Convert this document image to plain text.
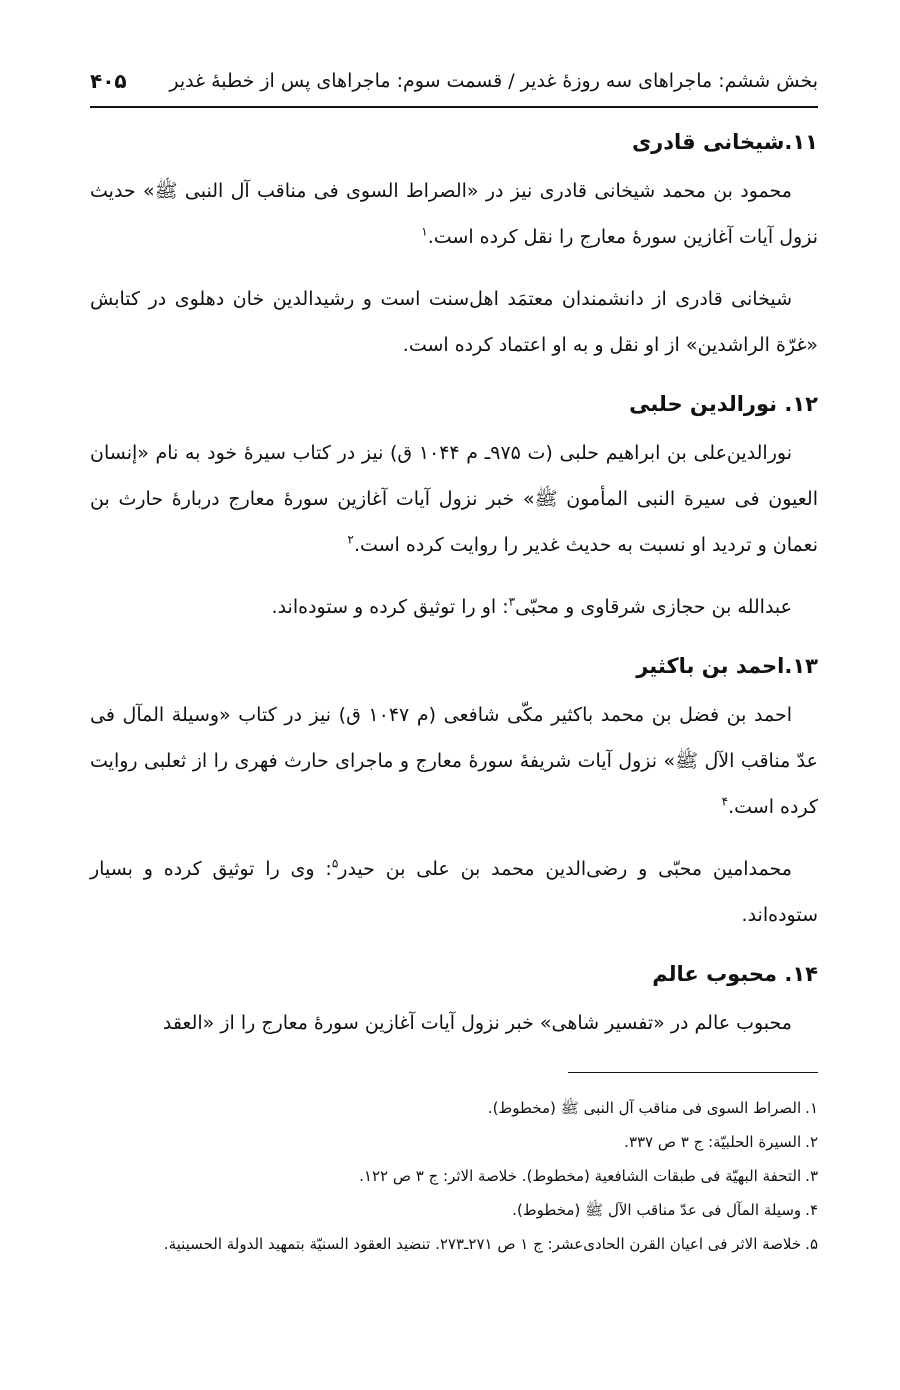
بخش ششم: ماجراهای سه روزهٔ غدیر / قسمت سوم: ماجراهای پس از خطبهٔ غدیر
۴۰۵
۱۱.شیخانی قادری

محمود بن محمد شیخانی قادری نیز در «الصراط السوی فی مناقب آل النبی ﷺ» حدیث نزول آیات آغازین سورهٔ معارج را نقل کرده است.$^۱$

شیخانی قادری از دانشمندان معتمَد اهل‌سنت است و رشیدالدین خان دهلوی در کتابش «غرّة الراشدین» از او نقل و به او اعتماد کرده است.

۱۲. نورالدین حلبی

نورالدین‌علی بن ابراهیم حلبی (ت ۹۷۵ـ م ۱۰۴۴ ق) نیز در کتاب سیرهٔ خود به نام «إنسان العیون فی سیرة النبی المأمون ﷺ» خبر نزول آیات آغازین سورهٔ معارج دربارهٔ حارث بن نعمان و تردید او نسبت به حدیث غدیر را روایت کرده است.$^۲$

عبدالله بن حجازی شرقاوی و محبّی$^۳$: او را توثیق کرده و ستوده‌اند.

۱۳.احمد بن باکثیر

احمد بن فضل بن محمد باکثیر مکّی شافعی (م ۱۰۴۷ ق) نیز در کتاب «وسیلة المآل فی عدّ مناقب الآل ﷺ» نزول آیات شریفهٔ سورهٔ معارج و ماجرای حارث فهری را از ثعلبی روایت کرده است.$^۴$

محمدامین محبّی و رضی‌الدین محمد بن علی بن حیدر$^۵$: وی را توثیق کرده و بسیار ستوده‌اند.

۱۴. محبوب عالم

محبوب عالم در «تفسیر شاهی» خبر نزول آیات آغازین سورهٔ معارج را از «العقد

۱.الصراط السوی فی مناقب آل النبی ﷺ (مخطوط).
۲.السیرة الحلبیّة: ج ۳ ص ۳۳۷.
۳.التحفة البهیّة فی طبقات الشافعیة (مخطوط). خلاصة الاثر: ج ۳ ص ۱۲۲.
۴.وسیلة المآل فی عدّ مناقب الآل ﷺ (مخطوط).
۵.خلاصة الاثر فی اعیان القرن الحادی‌عشر: ج ۱ ص ۲۷۱ـ۲۷۳. تنضید العقود السنیّة بتمهید الدولة الحسینیة.
